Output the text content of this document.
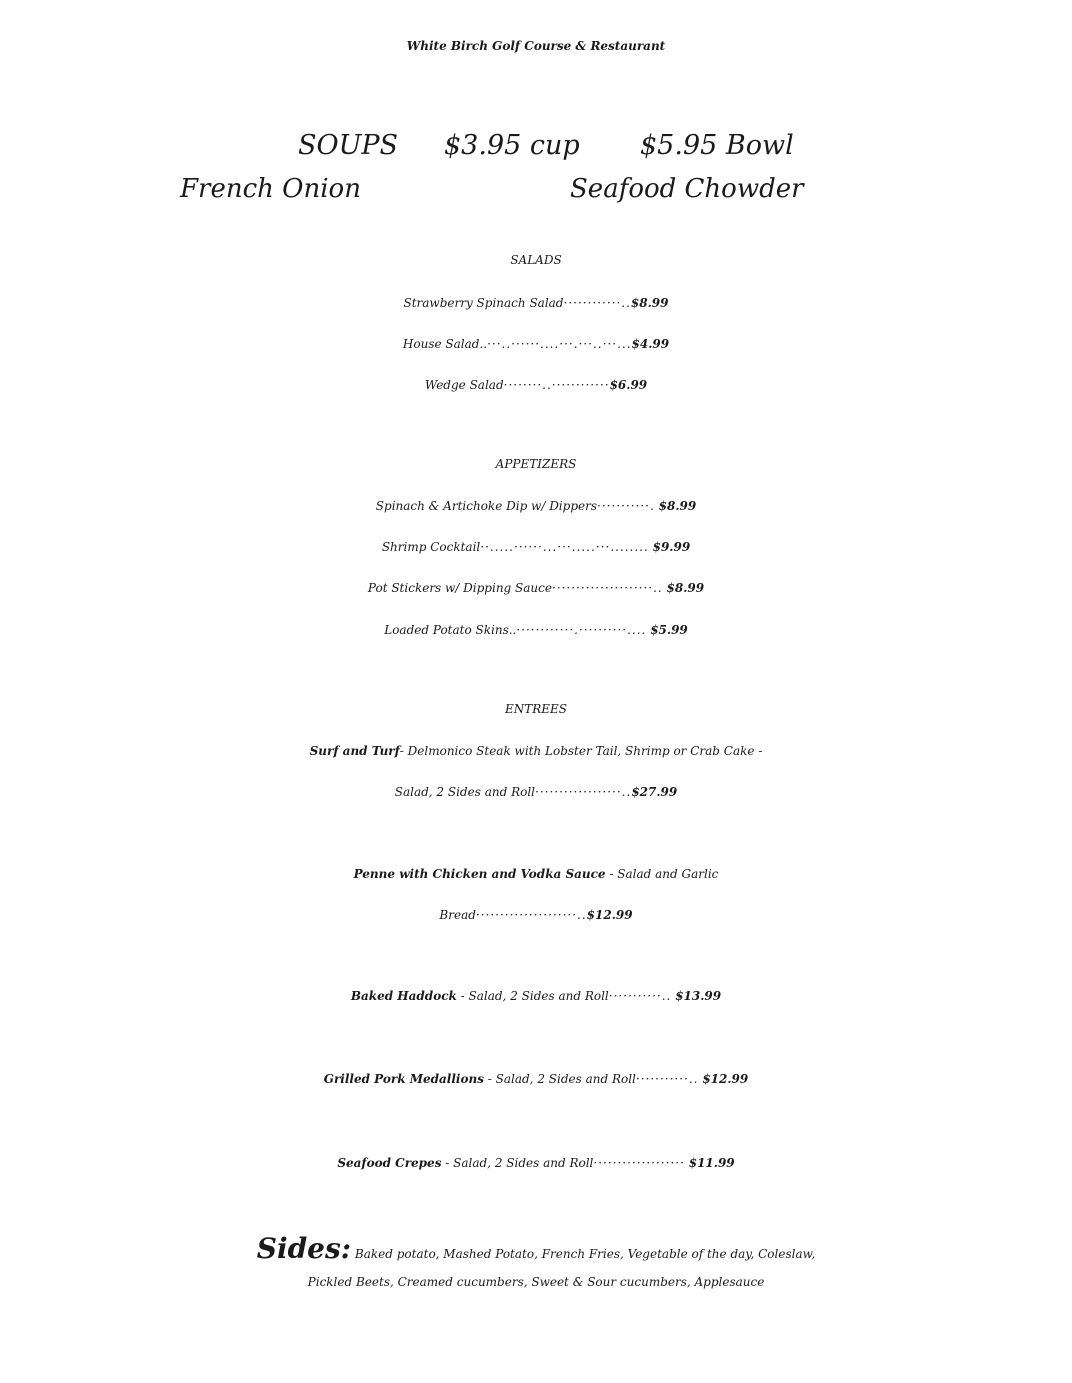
White Birch Golf Course & Restaurant
SOUPS $3.95 cup $5.95 Bowl
French Onion	Seafood Chowder
SALADS
Strawberry Spinach Salad············..$8.99
House Salad..···..······....···.···..···...$4.99
Wedge Salad········..············$6.99
APPETIZERS
Spinach & Artichoke Dip w/ Dippers···········. $8.99
Shrimp Cocktail··.....······...···.....···........ $9.99
Pot Stickers w/ Dipping Sauce·····················.. $8.99
Loaded Potato Skins..············.··········.... $5.99
ENTREES
Surf and Turf- Delmonico Steak with Lobster Tail, Shrimp or Crab Cake -
Salad, 2 Sides and Roll··················..$27.99
Penne with Chicken and Vodka Sauce - Salad and Garlic
Bread·····················..$12.99
Baked Haddock - Salad, 2 Sides and Roll···········.. $13.99
Grilled Pork Medallions - Salad, 2 Sides and Roll···········.. $12.99
Seafood Crepes - Salad, 2 Sides and Roll··················· $11.99
Sides: Baked potato, Mashed Potato, French Fries, Vegetable of the day, Coleslaw,
Pickled Beets, Creamed cucumbers, Sweet & Sour cucumbers, Applesauce
